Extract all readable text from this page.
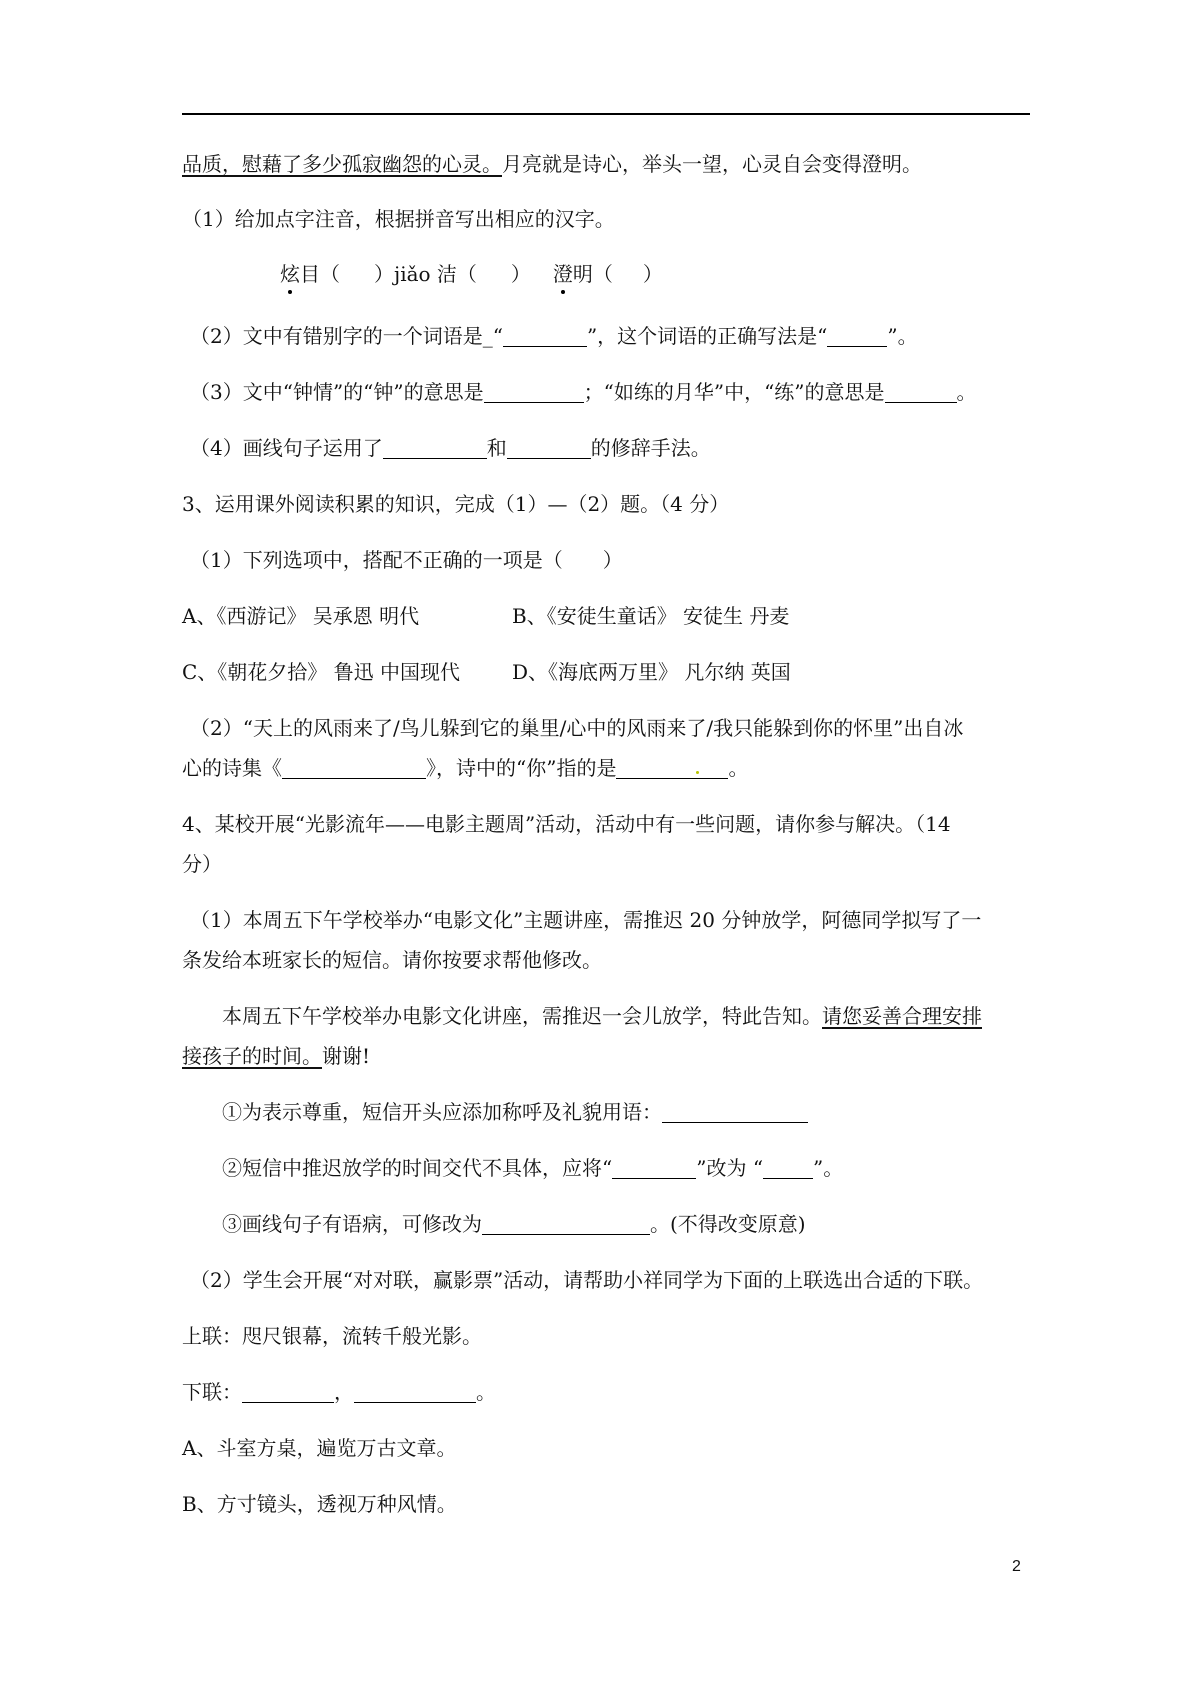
品质，慰藉了多少孤寂幽怨的心灵。月亮就是诗心，举头一望，心灵自会变得澄明。
（1）给加点字注音，根据拼音写出相应的汉字。
炫目（ ）jiǎo 洁（ ） 澄明（ ）
（2）文中有错别字的一个词语是_“	”，这个词语的正确写法是“	”。
（3）文中“钟情”的“钟”的意思是	；“如练的月华”中，“练”的意思是	。
（4）画线句子运用了	和	的修辞手法。
3、运用课外阅读积累的知识，完成（1）—（2）题。（4 分）
（1）下列选项中，搭配不正确的一项是（　　）
A、《西游记》 吴承恩 明代	B、《安徒生童话》 安徒生 丹麦
C、《朝花夕拾》 鲁迅 中国现代	D、《海底两万里》 凡尔纳 英国
（2）“天上的风雨来了/鸟儿躲到它的巢里/心中的风雨来了/我只能躲到你的怀里”出自冰
心的诗集《	》，诗中的“你”指的是	。
4、某校开展“光影流年——电影主题周”活动，活动中有一些问题，请你参与解决。（14
分）
（1）本周五下午学校举办“电影文化”主题讲座，需推迟 20 分钟放学，阿德同学拟写了一
条发给本班家长的短信。请你按要求帮他修改。
本周五下午学校举办电影文化讲座，需推迟一会儿放学，特此告知。请您妥善合理安排
接孩子的时间。谢谢!
①为表示尊重，短信开头应添加称呼及礼貌用语：
②短信中推迟放学的时间交代不具体，应将“	”改为 “	”。
③画线句子有语病，可修改为	。(不得改变原意)
（2）学生会开展“对对联，赢影票”活动，请帮助小祥同学为下面的上联选出合适的下联。
上联：咫尺银幕，流转千般光影。
下联：	，	。
A、斗室方桌，遍览万古文章。
B、方寸镜头，透视万种风情。
2
